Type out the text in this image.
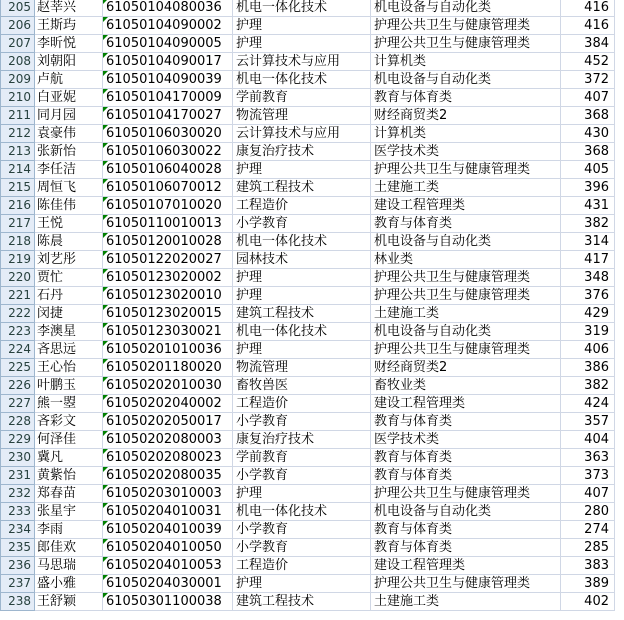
205	赵莘兴	61050104080036	机电一体化技术	机电设备与自动化类	416
206	王斯玙	61050104090002	护理	护理公共卫生与健康管理类	416
207	李昕悦	61050104090005	护理	护理公共卫生与健康管理类	384
208	刘朝阳	61050104090017	云计算技术与应用	计算机类	452
209	卢航	61050104090039	机电一体化技术	机电设备与自动化类	372
210	白亚妮	61050104170009	学前教育	教育与体育类	407
211	同月园	61050104170027	物流管理	财经商贸类2	368
212	袁豪伟	61050106030020	云计算技术与应用	计算机类	430
213	张新怡	61050106030022	康复治疗技术	医学技术类	368
214	李任洁	61050106040028	护理	护理公共卫生与健康管理类	405
215	周恒飞	61050106070012	建筑工程技术	土建施工类	396
216	陈佳伟	61050107010020	工程造价	建设工程管理类	431
217	王悦	61050110010013	小学教育	教育与体育类	382
218	陈晨	61050120010028	机电一体化技术	机电设备与自动化类	314
219	刘艺彤	61050122020027	园林技术	林业类	417
220	贾忙	61050123020002	护理	护理公共卫生与健康管理类	348
221	石丹	61050123020010	护理	护理公共卫生与健康管理类	376
222	闵捷	61050123020015	建筑工程技术	土建施工类	429
223	李澳星	61050123030021	机电一体化技术	机电设备与自动化类	319
224	吝思远	61050201010036	护理	护理公共卫生与健康管理类	406
225	王心怡	61050201180020	物流管理	财经商贸类2	386
226	叶鹏玉	61050202010030	畜牧兽医	畜牧业类	382
227	熊一曌	61050202040002	工程造价	建设工程管理类	424
228	吝彩文	61050202050017	小学教育	教育与体育类	357
229	何泽佳	61050202080003	康复治疗技术	医学技术类	404
230	冀凡	61050202080023	学前教育	教育与体育类	363
231	黄紫怡	61050202080035	小学教育	教育与体育类	373
232	郑春苗	61050203010003	护理	护理公共卫生与健康管理类	407
233	张星宇	61050204010031	机电一体化技术	机电设备与自动化类	280
234	李雨	61050204010039	小学教育	教育与体育类	274
235	郎佳欢	61050204010050	小学教育	教育与体育类	285
236	马思瑞	61050204010053	工程造价	建设工程管理类	383
237	盛小雅	61050204030001	护理	护理公共卫生与健康管理类	389
238	王舒颖	61050301100038	建筑工程技术	土建施工类	402
